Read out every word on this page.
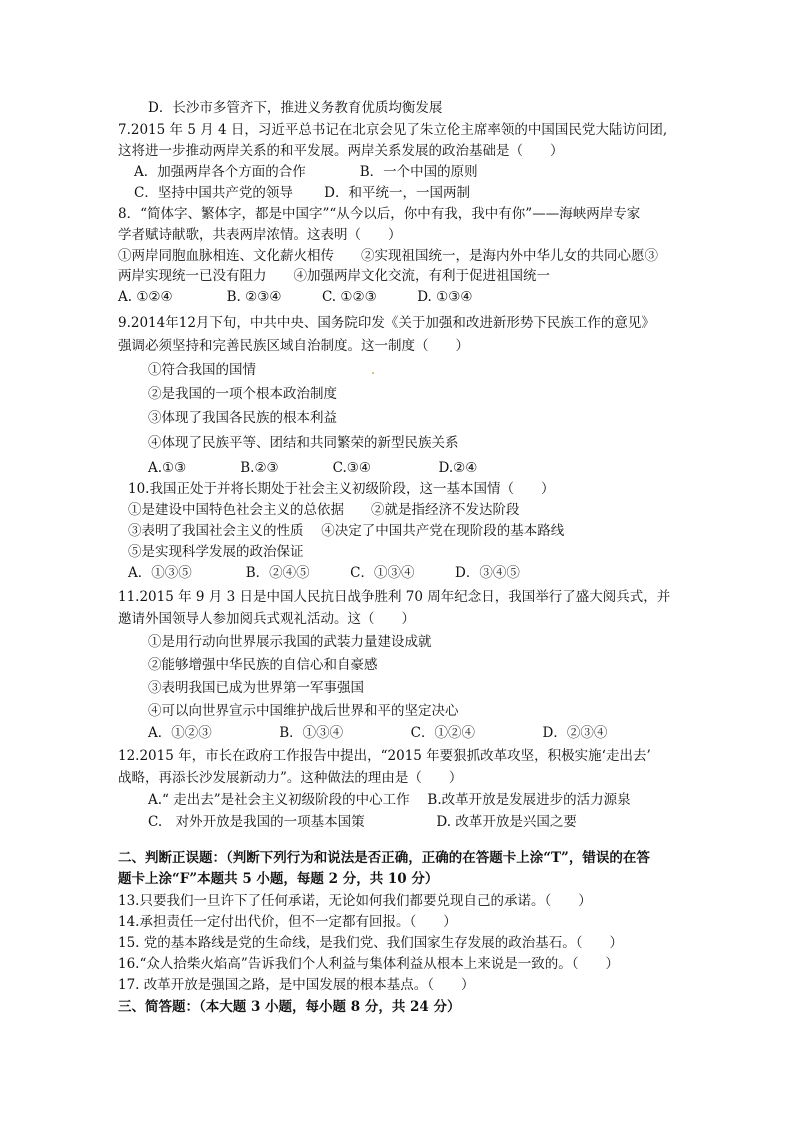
D．长沙市多管齐下，推进义务教育优质均衡发展
7.2015 年 5 月 4 日，习近平总书记在北京会见了朱立伦主席率领的中国国民党大陆访问团,
这将进一步推动两岸关系的和平发展。两岸关系发展的政治基础是（　　）
A．加强两岸各个方面的合作　　　　B．一个中国的原则
C．坚持中国共产党的领导　　 D．和平统一，一国两制
8．“简体字、繁体字，都是中国字”“从今以后，你中有我，我中有你”——海峡两岸专家
学者赋诗献歌，共表两岸浓情。这表明（　　）
①两岸同胞血脉相连、文化薪火相传　　②实现祖国统一，是海内外中华儿女的共同心愿③
两岸实现统一已没有阻力　　④加强两岸文化交流，有利于促进祖国统一
A. ①②④　　　　B. ②③④　　　C. ①②③　　　D. ①③④
9.2014年12月下旬，中共中央、国务院印发《关于加强和改进新形势下民族工作的意见》
强调必须坚持和完善民族区域自治制度。这一制度（　　）
①符合我国的国情
②是我国的一项个根本政治制度
③体现了我国各民族的根本利益
④体现了民族平等、团结和共同繁荣的新型民族关系
A.①③　　　　B.②③　　　　C.③④　　　　　D.②④
10.我国正处于并将长期处于社会主义初级阶段，这一基本国情（　　）
①是建设中国特色社会主义的总依据　　②就是指经济不发达阶段
③表明了我国社会主义的性质　 ④决定了中国共产党在现阶段的基本路线
⑤是实现科学发展的政治保证
A．①③⑤　　　　B．②④⑤　　　C．①③④　　　D．③④⑤
11.2015 年 9 月 3 日是中国人民抗日战争胜利 70 周年纪念日，我国举行了盛大阅兵式，并
邀请外国领导人参加阅兵式观礼活动。这（　　）
①是用行动向世界展示我国的武装力量建设成就
②能够增强中华民族的自信心和自豪感
③表明我国已成为世界第一军事强国
④可以向世界宣示中国维护战后世界和平的坚定决心
A．①②③　　　　　B．①③④　　　　　C．①②④　　　　　D．②③④
12.2015 年，市长在政府工作报告中提出，“2015 年要狠抓改革攻坚，积极实施‘走出去’
战略，再添长沙发展新动力”。这种做法的理由是（　　）
A.“ 走出去”是社会主义初级阶段的中心工作　 B.改革开放是发展进步的活力源泉
C.　对外开放是我国的一项基本国策　　　　　 D. 改革开放是兴国之要
二、判断正误题：（判断下列行为和说法是否正确，正确的在答题卡上涂“T”，错误的在答
题卡上涂“F”本题共 5 小题，每题 2 分，共 10 分）
13.只要我们一旦许下了任何承诺，无论如何我们都要兑现自己的承诺。（　　）
14.承担责任一定付出代价，但不一定都有回报。（　　）
15. 党的基本路线是党的生命线，是我们党、我们国家生存发展的政治基石。（　　）
16.“众人拾柴火焰高”告诉我们个人利益与集体利益从根本上来说是一致的。（　　）
17. 改革开放是强国之路，是中国发展的根本基点。（　　）
三、简答题：（本大题 3 小题，每小题 8 分，共 24 分）
